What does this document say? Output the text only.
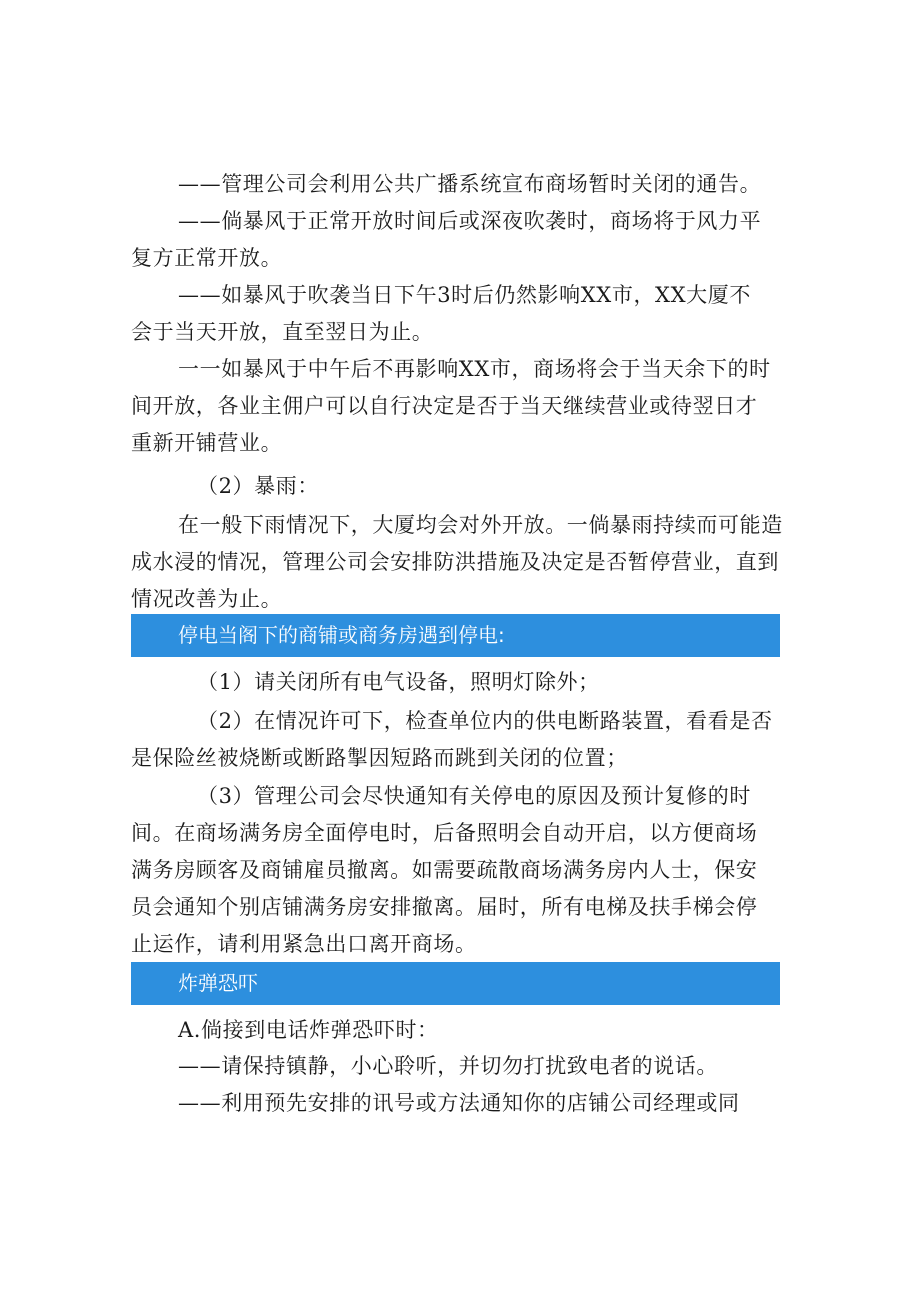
——管理公司会利用公共广播系统宣布商场暂时关闭的通告。
——倘暴风于正常开放时间后或深夜吹袭时，商场将于风力平
复方正常开放。
——如暴风于吹袭当日下午3时后仍然影响XX市，XX大厦不
会于当天开放，直至翌日为止。
一一如暴风于中午后不再影响XX市，商场将会于当天余下的时
间开放，各业主佣户可以自行决定是否于当天继续营业或待翌日才
重新开铺营业。
（2）暴雨：
在一般下雨情况下，大厦均会对外开放。一倘暴雨持续而可能造
成水浸的情况，管理公司会安排防洪措施及决定是否暂停营业，直到
情况改善为止。
停电当阁下的商铺或商务房遇到停电:
（1）请关闭所有电气设备，照明灯除外；
（2）在情况许可下，检查单位内的供电断路装置，看看是否
是保险丝被烧断或断路掣因短路而跳到关闭的位置；
（3）管理公司会尽快通知有关停电的原因及预计复修的时
间。在商场满务房全面停电时，后备照明会自动开启，以方便商场
满务房顾客及商铺雇员撤离。如需要疏散商场满务房内人士，保安
员会通知个别店铺满务房安排撤离。届时，所有电梯及扶手梯会停
止运作，请利用紧急出口离开商场。
炸弹恐吓
A.倘接到电话炸弹恐吓时：
——请保持镇静，小心聆听，并切勿打扰致电者的说话。
——利用预先安排的讯号或方法通知你的店铺公司经理或同
